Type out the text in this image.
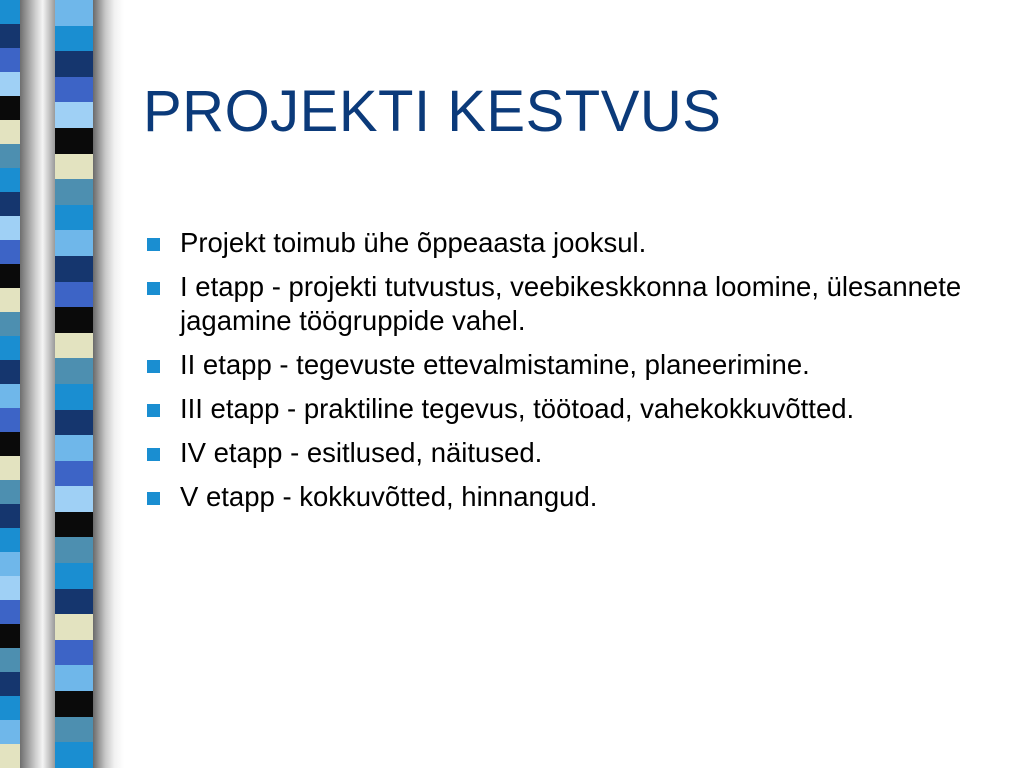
PROJEKTI KESTVUS
Projekt toimub ühe õppeaasta jooksul.
I etapp - projekti tutvustus, veebikeskkonna loomine, ülesannete jagamine töögruppide vahel.
II etapp - tegevuste ettevalmistamine, planeerimine.
III etapp - praktiline tegevus, töötoad, vahekokkuvõtted.
IV etapp - esitlused, näitused.
V etapp - kokkuvõtted, hinnangud.
